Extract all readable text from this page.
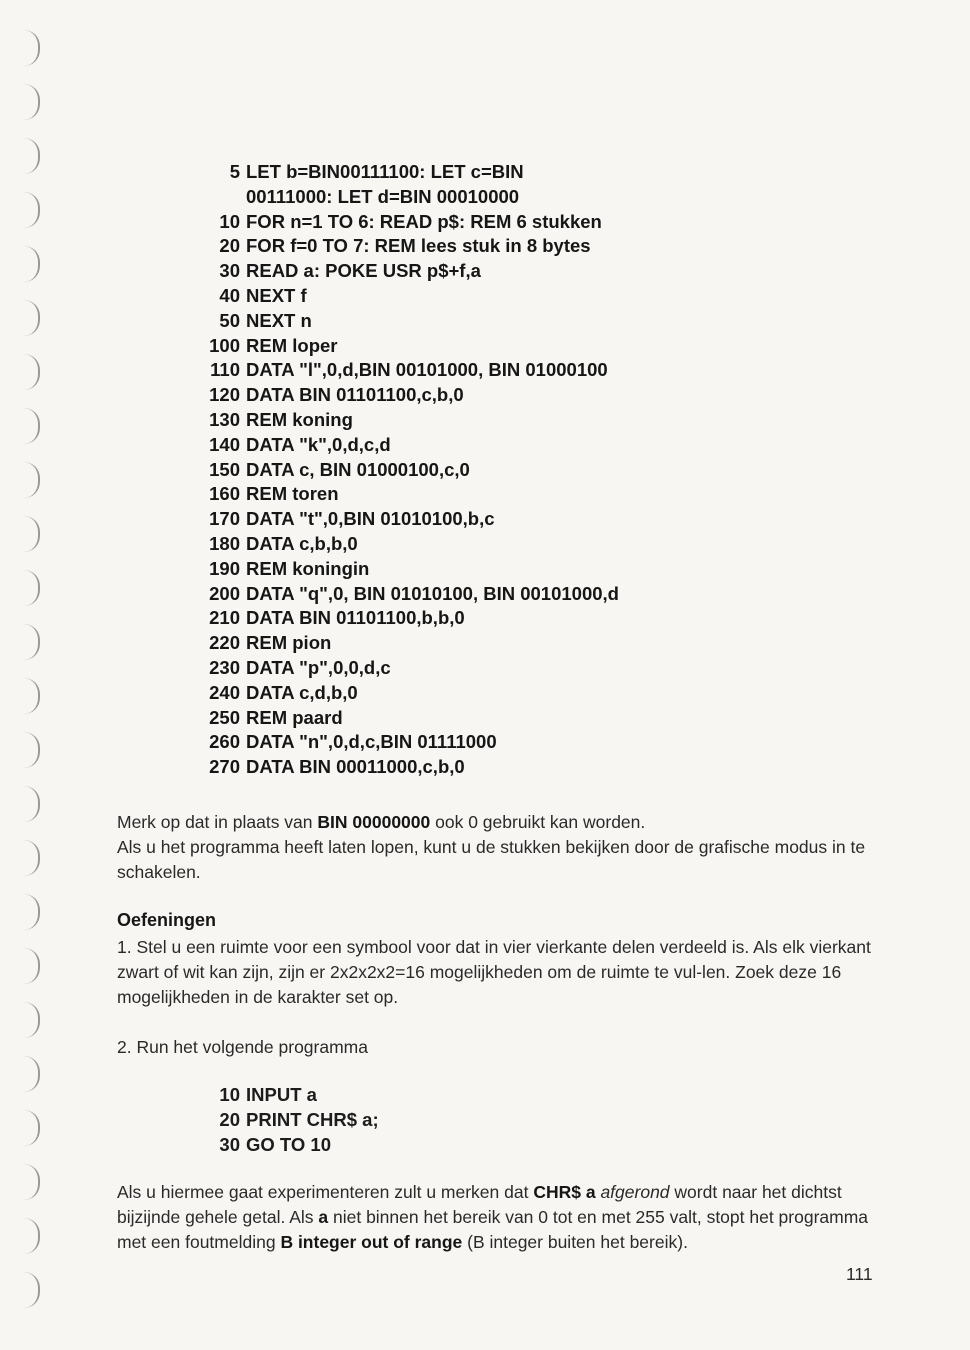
5 LET b=BIN00111100: LET c=BIN
00111000: LET d=BIN 00010000
10 FOR n=1 TO 6: READ p$: REM 6 stukken
20 FOR f=0 TO 7: REM lees stuk in 8 bytes
30 READ a: POKE USR p$+f,a
40 NEXT f
50 NEXT n
100 REM loper
110 DATA "l",0,d,BIN 00101000, BIN 01000100
120 DATA BIN 01101100,c,b,0
130 REM koning
140 DATA "k",0,d,c,d
150 DATA c, BIN 01000100,c,0
160 REM toren
170 DATA "t",0,BIN 01010100,b,c
180 DATA c,b,b,0
190 REM koningin
200 DATA "q",0, BIN 01010100, BIN 00101000,d
210 DATA BIN 01101100,b,b,0
220 REM pion
230 DATA "p",0,0,d,c
240 DATA c,d,b,0
250 REM paard
260 DATA "n",0,d,c,BIN 01111000
270 DATA BIN 00011000,c,b,0
Merk op dat in plaats van BIN 00000000 ook 0 gebruikt kan worden.
Als u het programma heeft laten lopen, kunt u de stukken bekijken door de grafische modus in te schakelen.
Oefeningen
1. Stel u een ruimte voor een symbool voor dat in vier vierkante delen verdeeld is. Als elk vierkant zwart of wit kan zijn, zijn er 2x2x2x2=16 mogelijkheden om de ruimte te vul-len. Zoek deze 16 mogelijkheden in de karakter set op.
2. Run het volgende programma
10 INPUT a
20 PRINT CHR$ a;
30 GO TO 10
Als u hiermee gaat experimenteren zult u merken dat CHR$ a afgerond wordt naar het dichtst bijzijnde gehele getal. Als a niet binnen het bereik van 0 tot en met 255 valt, stopt het programma met een foutmelding B integer out of range (B integer buiten het bereik).
111
